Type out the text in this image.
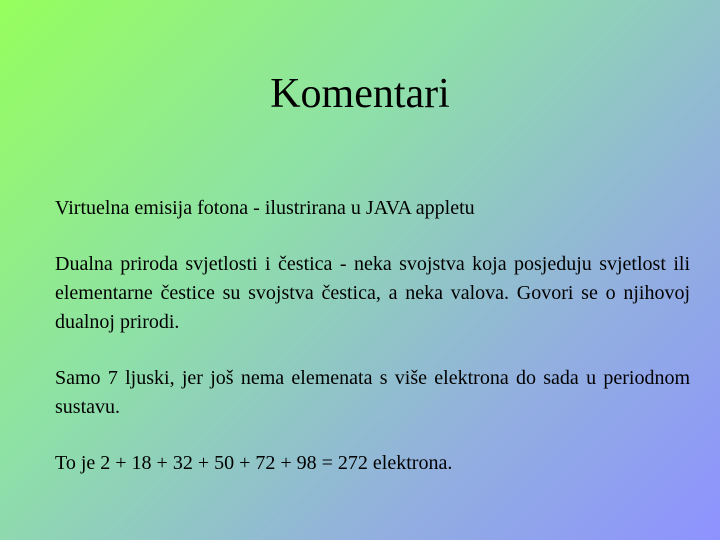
Komentari

Virtuelna emisija fotona - ilustrirana u JAVA appletu

Dualna priroda svjetlosti i čestica - neka svojstva koja posjeduju svjetlost ili elementarne čestice su svojstva čestica, a neka valova. Govori se o njihovoj dualnoj prirodi.

Samo 7 ljuski, jer još nema elemenata s više elektrona do sada u periodnom sustavu.

To je 2 + 18 + 32 + 50 + 72 + 98 = 272 elektrona.
